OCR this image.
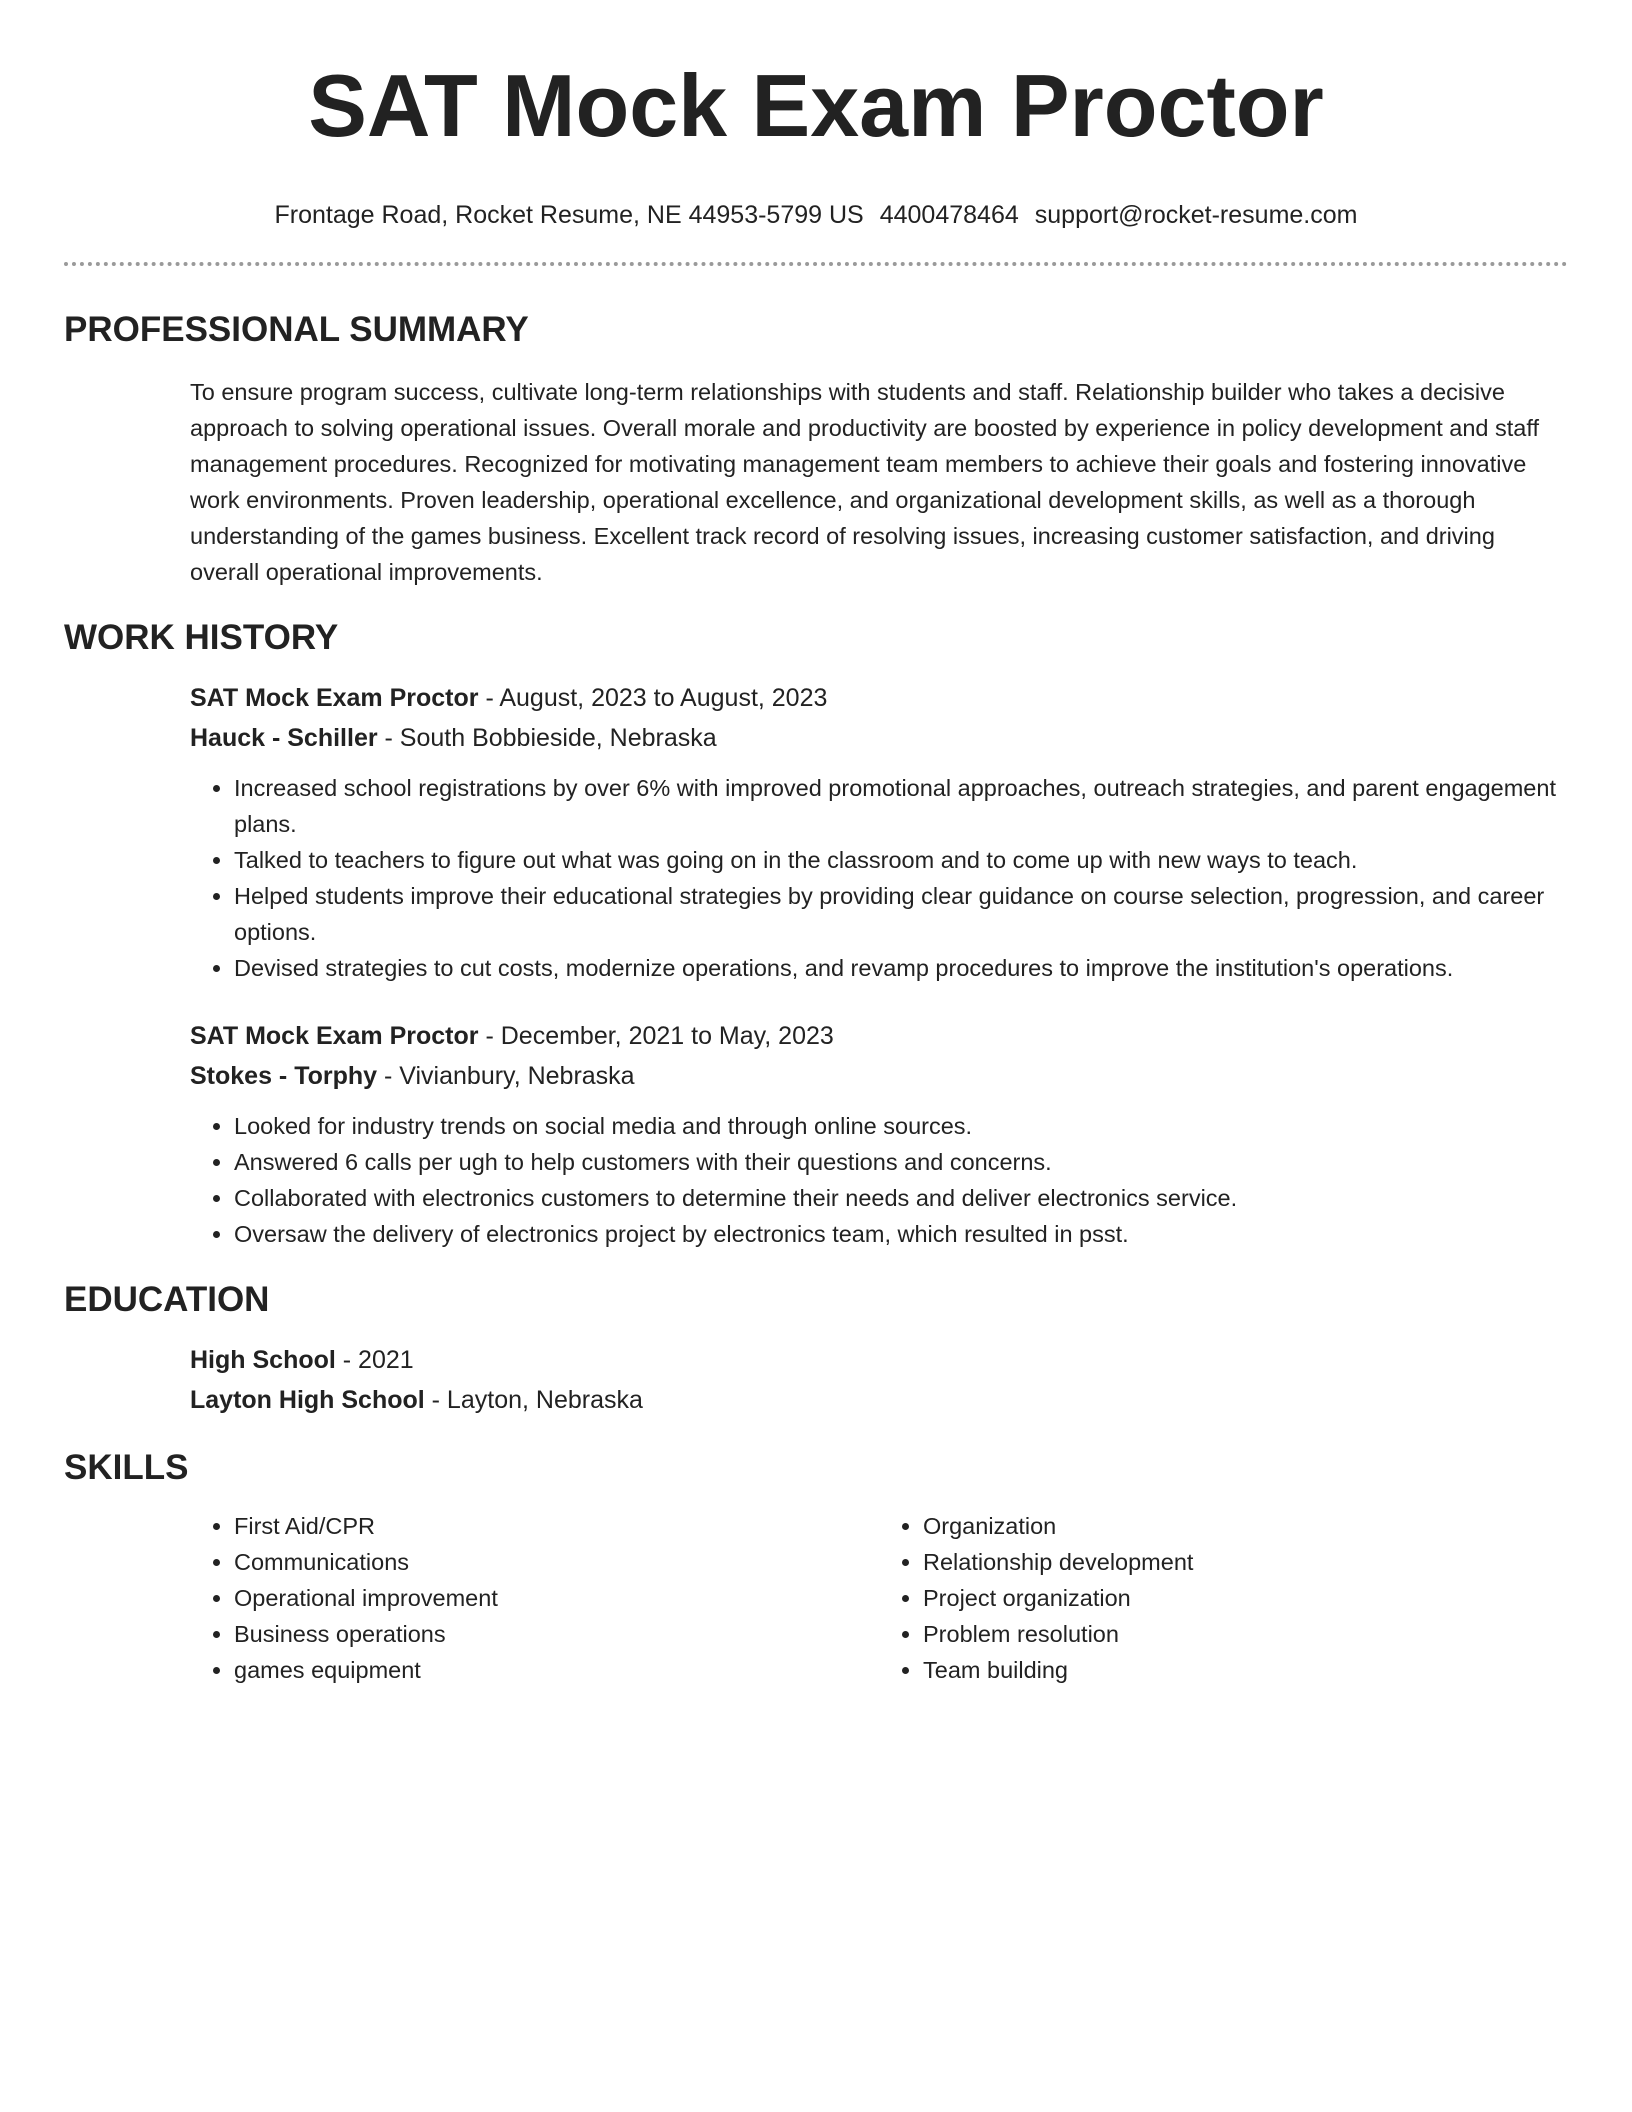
SAT Mock Exam Proctor
Frontage Road, Rocket Resume, NE 44953-5799 US 4400478464 support@rocket-resume.com
PROFESSIONAL SUMMARY

To ensure program success, cultivate long-term relationships with students and staff. Relationship builder who takes a decisive approach to solving operational issues. Overall morale and productivity are boosted by experience in policy development and staff management procedures. Recognized for motivating management team members to achieve their goals and fostering innovative work environments. Proven leadership, operational excellence, and organizational development skills, as well as a thorough understanding of the games business. Excellent track record of resolving issues, increasing customer satisfaction, and driving overall operational improvements.

WORK HISTORY
SAT Mock Exam Proctor - August, 2023 to August, 2023
Hauck - Schiller - South Bobbieside, Nebraska
• Increased school registrations by over 6% with improved promotional approaches, outreach strategies, and parent engagement plans.
• Talked to teachers to figure out what was going on in the classroom and to come up with new ways to teach.
• Helped students improve their educational strategies by providing clear guidance on course selection, progression, and career options.
• Devised strategies to cut costs, modernize operations, and revamp procedures to improve the institution's operations.
SAT Mock Exam Proctor - December, 2021 to May, 2023
Stokes - Torphy - Vivianbury, Nebraska
• Looked for industry trends on social media and through online sources.
• Answered 6 calls per ugh to help customers with their questions and concerns.
• Collaborated with electronics customers to determine their needs and deliver electronics service.
• Oversaw the delivery of electronics project by electronics team, which resulted in psst.
EDUCATION
High School - 2021
Layton High School - Layton, Nebraska
SKILLS
• First Aid/CPR
• Communications
• Operational improvement
• Business operations
• games equipment
• Organization
• Relationship development
• Project organization
• Problem resolution
• Team building
